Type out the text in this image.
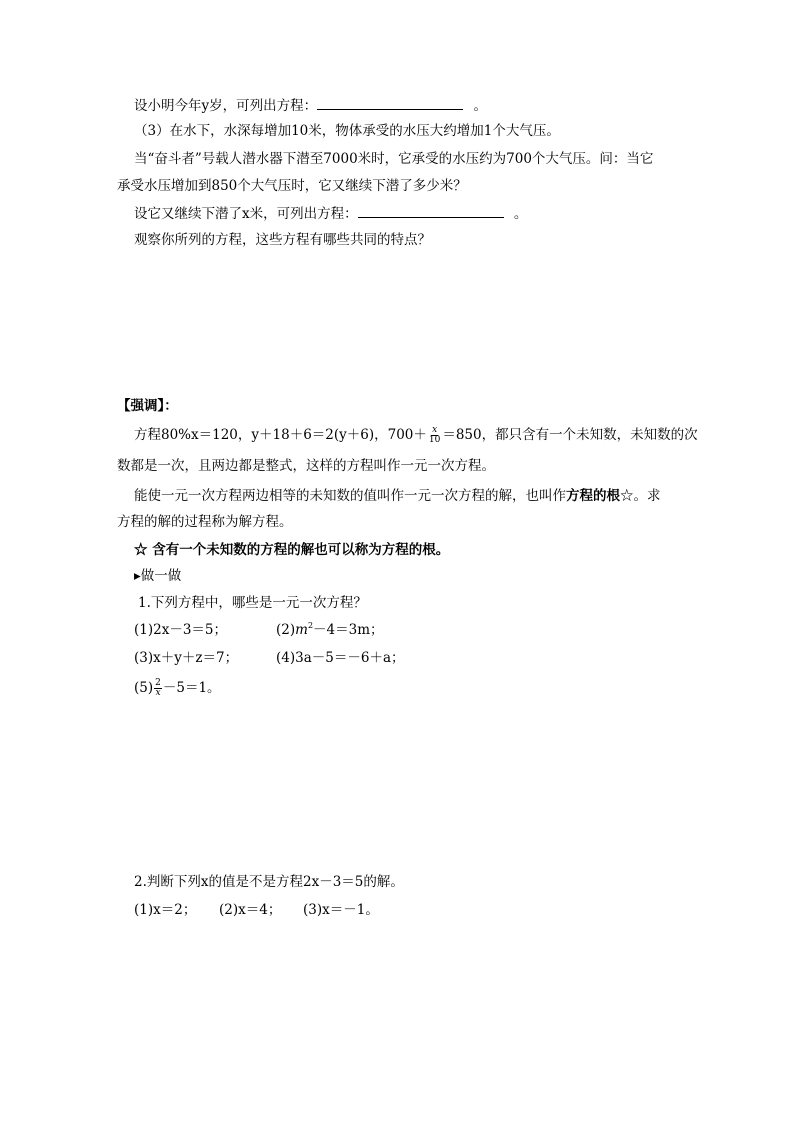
设小明今年y岁，可列出方程：	。
（3）在水下，水深每增加10米，物体承受的水压大约增加1个大气压。
当“奋斗者”号载人潜水器下潜至7000米时，它承受的水压约为700个大气压。问：当它
承受水压增加到850个大气压时，它又继续下潜了多少米？
设它又继续下潜了x米，可列出方程：	。
观察你所列的方程，这些方程有哪些共同的特点？
【强调】：
方程80%x＝120，y＋18＋6＝2(y＋6)，$700+ \frac{x}{10} =850$，都只含有一个未知数，未知数的次
数都是一次，且两边都是整式，这样的方程叫作一元一次方程。
能使一元一次方程两边相等的未知数的值叫作一元一次方程的解，也叫作方程的根☆。求
方程的解的过程称为解方程。
☆ 含有一个未知数的方程的解也可以称为方程的根。
▸做一做
1.下列方程中，哪些是一元一次方程？
(1)2x－3＝5；	$(2)m^2-4=3m$；
(3)x＋y＋z＝7；	(4)3a－5＝－6＋a；
$(5) \frac{2}{x} -5=1$。
2.判断下列x的值是不是方程2x－3＝5的解。
(1)x＝2； (2)x＝4； (3)x＝－1。
